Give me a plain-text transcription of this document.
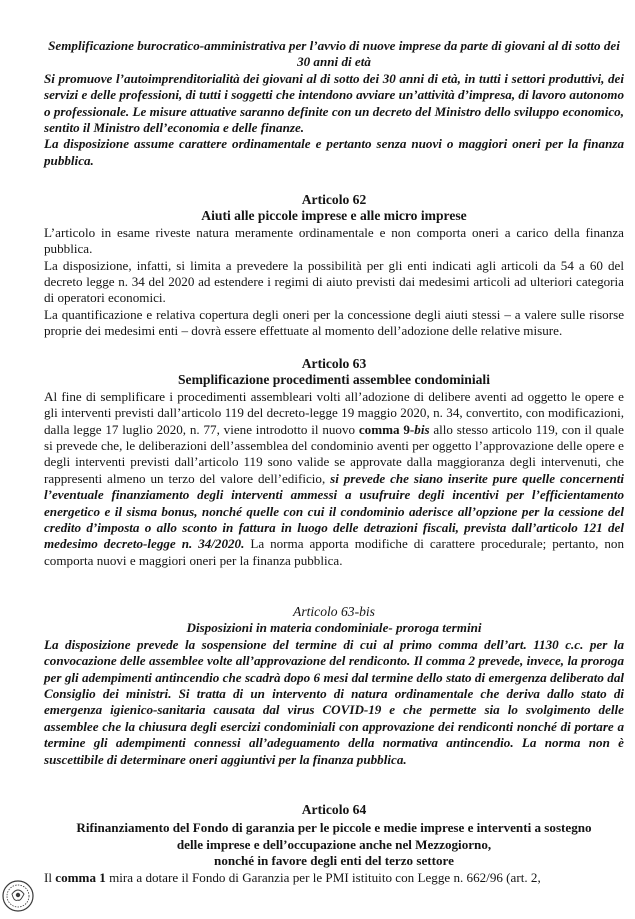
Semplificazione burocratico-amministrativa per l’avvio di nuove imprese da parte di giovani al di sotto dei 30 anni di età

Si promuove l’autoimprenditorialità dei giovani al di sotto dei 30 anni di età, in tutti i settori produttivi, dei servizi e delle professioni, di tutti i soggetti che intendono avviare un’attività d’impresa, di lavoro autonomo o professionale. Le misure attuative saranno definite con un decreto del Ministro dello sviluppo economico, sentito il Ministro dell’economia e delle finanze.

La disposizione assume carattere ordinamentale e pertanto senza nuovi o maggiori oneri per la finanza pubblica.

Articolo 62

Aiuti alle piccole imprese e alle micro imprese

L’articolo in esame riveste natura meramente ordinamentale e non comporta oneri a carico della finanza pubblica.

La disposizione, infatti, si limita a prevedere la possibilità per gli enti indicati agli articoli da 54 a 60 del decreto legge n. 34 del 2020 ad estendere i regimi di aiuto previsti dai medesimi articoli ad ulteriori categoria di operatori economici.

La quantificazione e relativa copertura degli oneri per la concessione degli aiuti stessi – a valere sulle risorse proprie dei medesimi enti – dovrà essere effettuate al momento dell’adozione delle relative misure.

Articolo 63

Semplificazione procedimenti assemblee condominiali

Al fine di semplificare i procedimenti assembleari volti all’adozione di delibere aventi ad oggetto le opere e gli interventi previsti dall’articolo 119 del decreto-legge 19 maggio 2020, n. 34, convertito, con modificazioni, dalla legge 17 luglio 2020, n. 77, viene introdotto il nuovo comma 9-bis allo stesso articolo 119, con il quale si prevede che, le deliberazioni dell’assemblea del condominio aventi per oggetto l’approvazione delle opere e degli interventi previsti dall’articolo 119 sono valide se approvate dalla maggioranza degli intervenuti, che rappresenti almeno un terzo del valore dell’edificio, si prevede che siano inserite pure quelle concernenti l’eventuale finanziamento degli interventi ammessi a usufruire degli incentivi per l’efficientamento energetico e il sisma bonus, nonché quelle con cui il condominio aderisce all’opzione per la cessione del credito d’imposta o allo sconto in fattura in luogo delle detrazioni fiscali, prevista dall’articolo 121 del medesimo decreto-legge n. 34/2020. La norma apporta modifiche di carattere procedurale; pertanto, non comporta nuovi e maggiori oneri per la finanza pubblica.

Articolo 63-bis

Disposizioni in materia condominiale- proroga termini

La disposizione prevede la sospensione del termine di cui al primo comma dell’art. 1130 c.c. per la convocazione delle assemblee volte all’approvazione del rendiconto. Il comma 2 prevede, invece, la proroga per gli adempimenti antincendio che scadrà dopo 6 mesi dal termine dello stato di emergenza deliberato dal Consiglio dei ministri. Si tratta di un intervento di natura ordinamentale che deriva dallo stato di emergenza igienico-sanitaria causata dal virus COVID-19 e che permette sia lo svolgimento delle assemblee che la chiusura degli esercizi condominiali con approvazione dei rendiconti nonché di portare a termine gli adempimenti connessi all’adeguamento della normativa antincendio. La norma non è suscettibile di determinare oneri aggiuntivi per la finanza pubblica.

Articolo 64

Rifinanziamento del Fondo di garanzia per le piccole e medie imprese e interventi a sostegno

delle imprese e dell’occupazione anche nel Mezzogiorno,

nonché in favore degli enti del terzo settore

Il comma 1 mira a dotare il Fondo di Garanzia per le PMI istituito con Legge n. 662/96 (art. 2,
